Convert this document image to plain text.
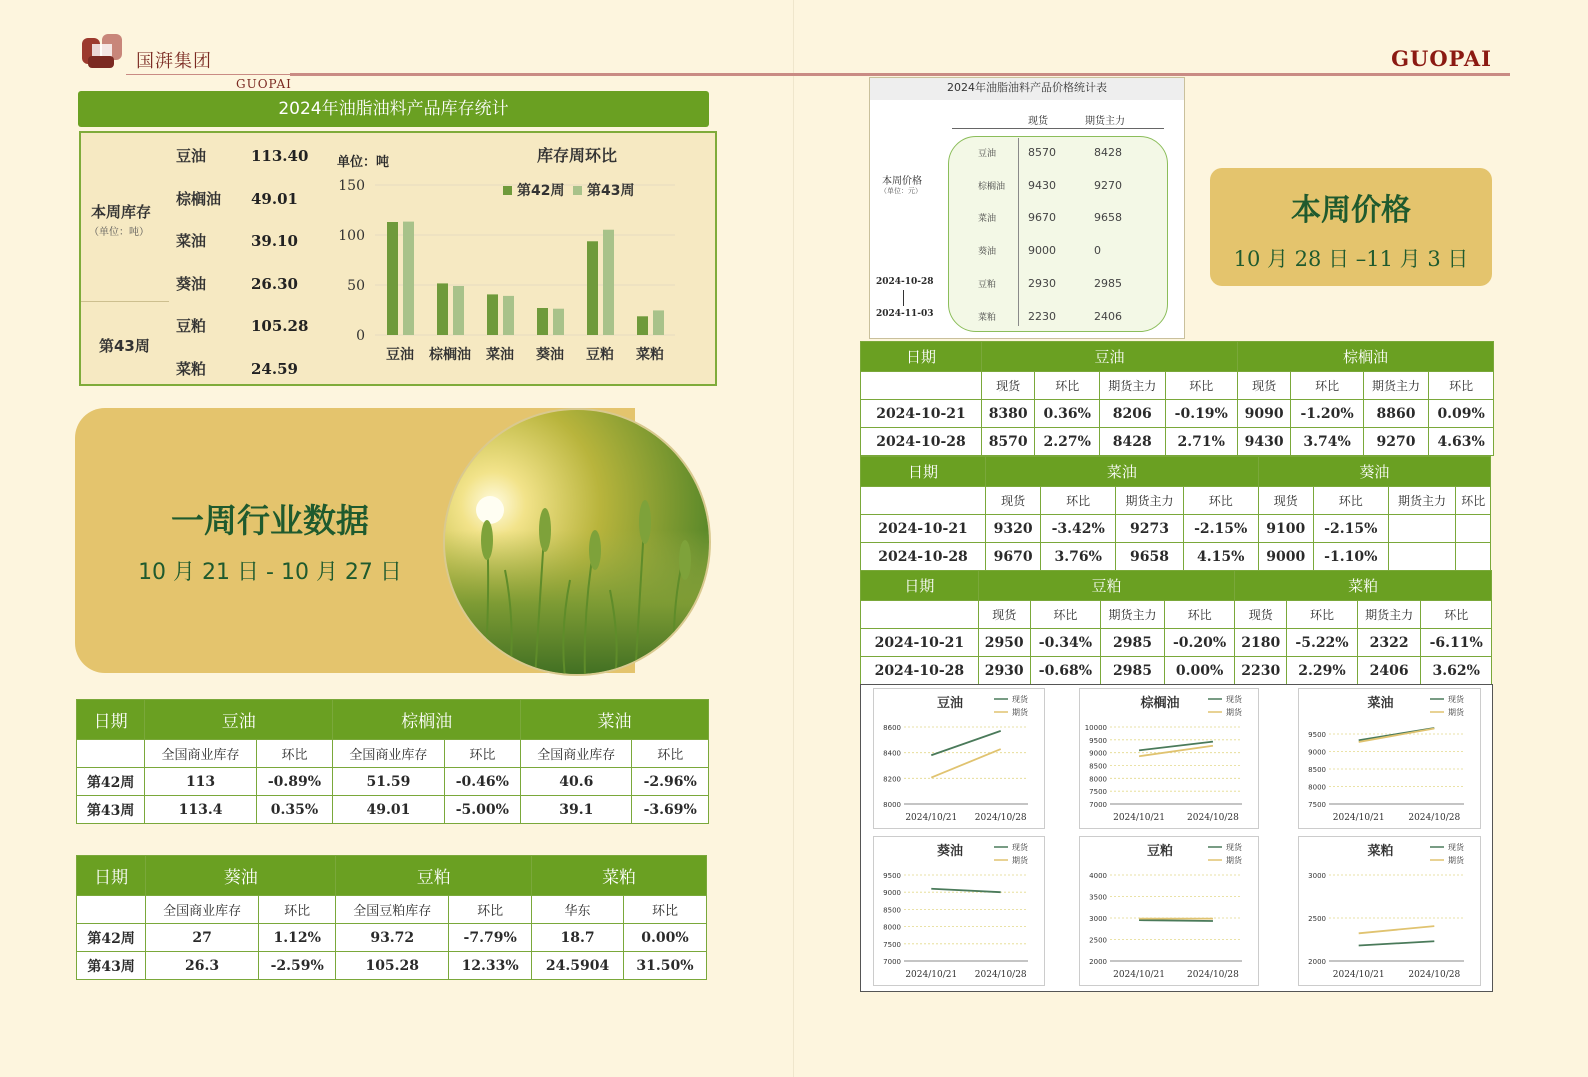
国湃集团
GUOPAI
GUOPAI
2024年油脂油料产品库存统计
本周库存
（单位：吨）
第43周
豆油	113.40
棕榈油 49.01
菜油	39.10
葵油	26.30
豆粕	105.28
菜粕	24.59
单位：吨	库存周环比
0
50
100
150
豆油 棕榈油 菜油 葵油 豆粕 菜粕
第42周 第43周
一周行业数据
10 月 21 日 - 10 月 27 日
日期	豆油		棕榈油		菜油	
	全国商业库存	环比	全国商业库存	环比	全国商业库存	环比
第42周	113	-0.89%	51.59	-0.46%	40.6	-2.96%
第43周	113.4	0.35%	49.01	-5.00%	39.1	-3.69%
日期	葵油		豆粕		菜粕	
	全国商业库存	环比	全国豆粕库存	环比	华东	环比
第42周	27	1.12%	93.72	-7.79%	18.7	0.00%
第43周	26.3	-2.59%	105.28	12.33%	24.5904	31.50%
2024年油脂油料产品价格统计表
现货	期货主力
本周价格
（单位：元）
2024-10-28
2024-11-03
豆油	8570	8428
棕榈油 9430	9270
菜油	9670	9658
葵油	9000	0
豆粕	2930	2985
菜粕	2230	2406
本周价格
10 月 28 日 –11 月 3 日
日期	豆油				棕榈油			
	现货	环比	期货主力	环比	现货	环比	期货主力	环比
2024-10-21	8380	0.36%	8206	-0.19%	9090	-1.20%	8860	0.09%
2024-10-28	8570	2.27%	8428	2.71%	9430	3.74%	9270	4.63%
日期	菜油				葵油			
	现货	环比	期货主力	环比	现货	环比	期货主力	环比
2024-10-21	9320	-3.42%	9273	-2.15%	9100	-2.15%		
2024-10-28	9670	3.76%	9658	4.15%	9000	-1.10%		
日期	豆粕				菜粕			
	现货	环比	期货主力	环比	现货	环比	期货主力	环比
2024-10-21	2950	-0.34%	2985	-0.20%	2180	-5.22%	2322	-6.11%
2024-10-28	2930	-0.68%	2985	0.00%	2230	2.29%	2406	3.62%
豆油
8000
8200
8400
8600
2024/10/21 2024/10/28
现货
期货
棕榈油
7000
7500
8000
8500
9000
9500
10000
2024/10/21 2024/10/28
现货
期货
菜油
7500
8000
8500
9000
9500
2024/10/21	2024/10/28
现货
期货
葵油
7000
7500
8000
8500
9000
9500
2024/10/21 2024/10/28
现货
期货
豆粕
2000
2500
3000
3500
4000
2024/10/21 2024/10/28
现货
期货
菜粕
2000
2500
3000
2024/10/21	2024/10/28
现货
期货
